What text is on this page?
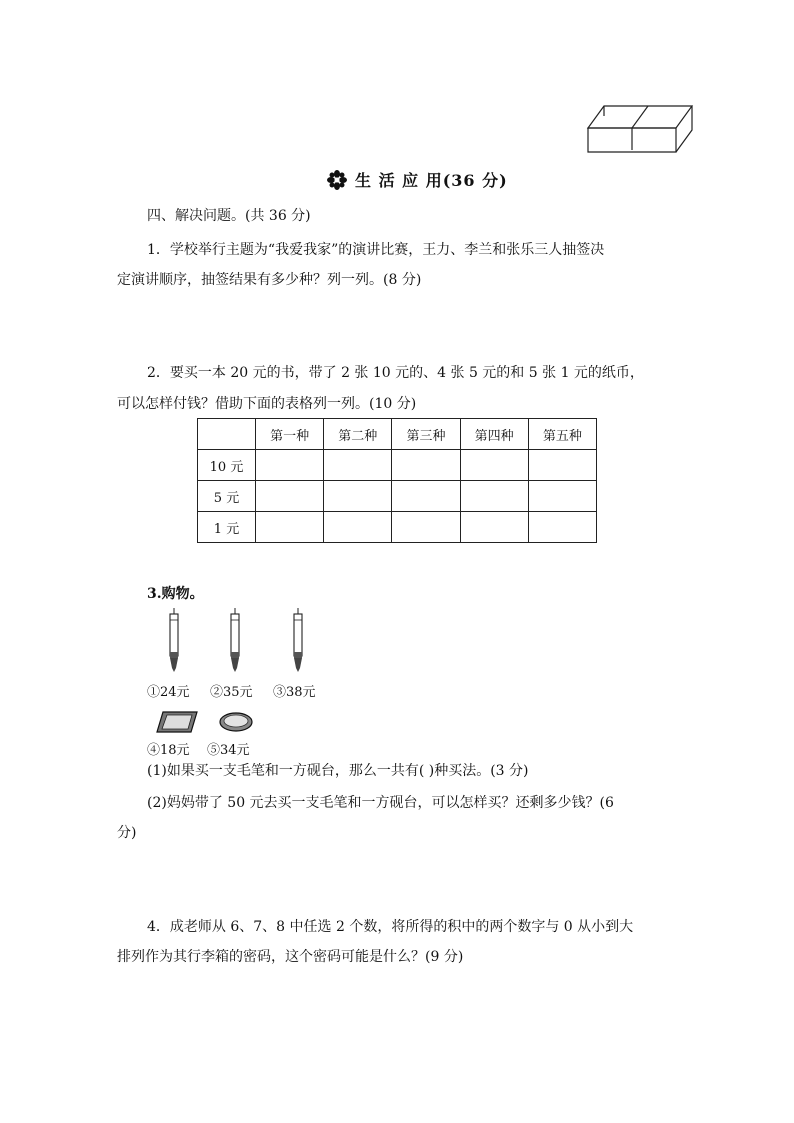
生 活 应 用(36 分)
四、解决问题。(共 36 分)
1．学校举行主题为“我爱我家”的演讲比赛，王力、李兰和张乐三人抽签决
定演讲顺序，抽签结果有多少种？列一列。(8 分)
2．要买一本 20 元的书，带了 2 张 10 元的、4 张 5 元的和 5 张 1 元的纸币，
可以怎样付钱？借助下面的表格列一列。(10 分)
	第一种	第二种	第三种	第四种	第五种
10 元					
5 元					
1 元					
3.购物。
①24元 ②35元 ③38元
④18元 ⑤34元
(1)如果买一支毛笔和一方砚台，那么一共有( )种买法。(3 分)
(2)妈妈带了 50 元去买一支毛笔和一方砚台，可以怎样买？还剩多少钱？(6
分)
4．成老师从 6、7、8 中任选 2 个数，将所得的积中的两个数字与 0 从小到大
排列作为其行李箱的密码，这个密码可能是什么？(9 分)
